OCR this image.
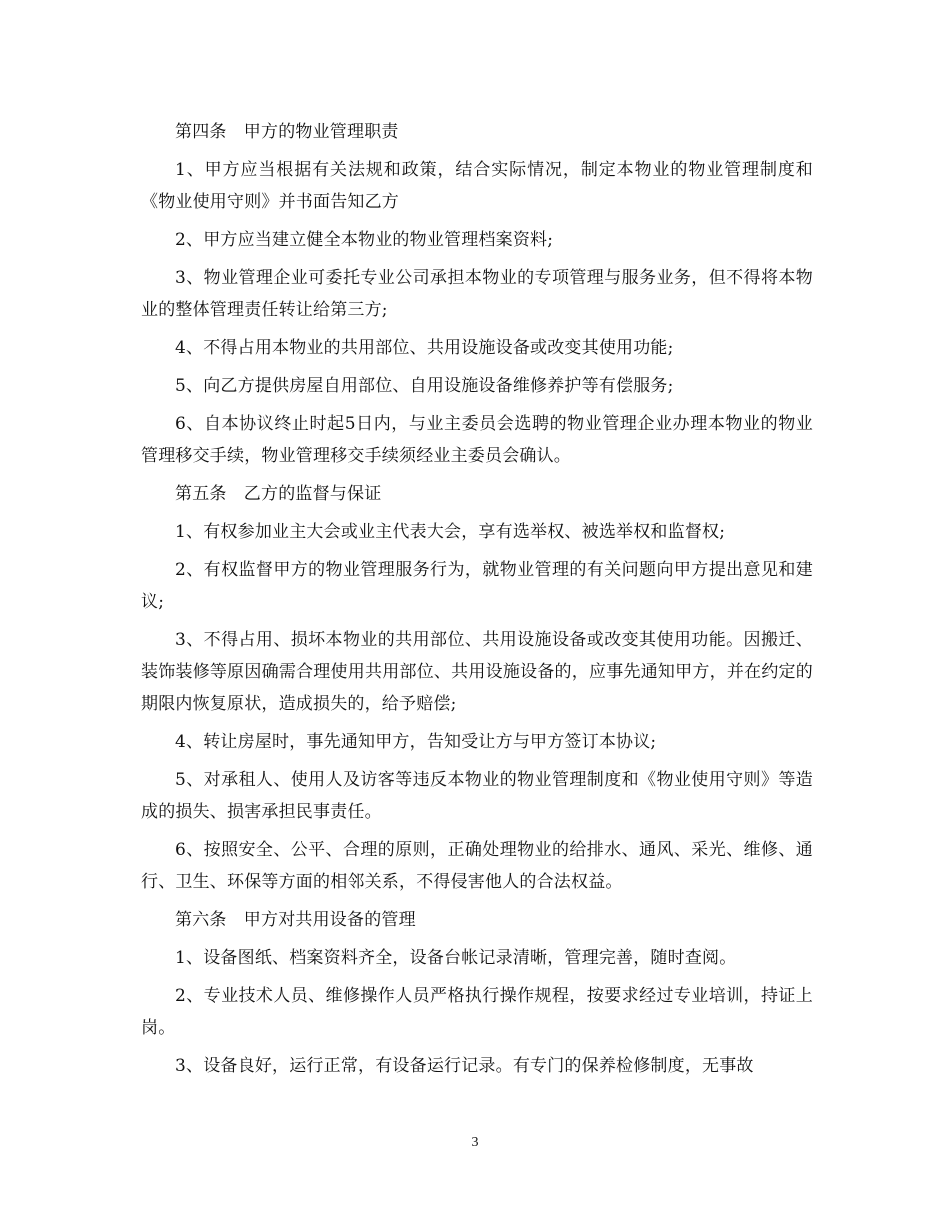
第四条　甲方的物业管理职责

1、甲方应当根据有关法规和政策，结合实际情况，制定本物业的物业管理制度和《物业使用守则》并书面告知乙方

2、甲方应当建立健全本物业的物业管理档案资料;

3、物业管理企业可委托专业公司承担本物业的专项管理与服务业务，但不得将本物业的整体管理责任转让给第三方;

4、不得占用本物业的共用部位、共用设施设备或改变其使用功能;

5、向乙方提供房屋自用部位、自用设施设备维修养护等有偿服务;

6、自本协议终止时起5日内，与业主委员会选聘的物业管理企业办理本物业的物业管理移交手续，物业管理移交手续须经业主委员会确认。

第五条　乙方的监督与保证

1、有权参加业主大会或业主代表大会，享有选举权、被选举权和监督权;

2、有权监督甲方的物业管理服务行为，就物业管理的有关问题向甲方提出意见和建议;

3、不得占用、损坏本物业的共用部位、共用设施设备或改变其使用功能。因搬迁、装饰装修等原因确需合理使用共用部位、共用设施设备的，应事先通知甲方，并在约定的期限内恢复原状，造成损失的，给予赔偿;

4、转让房屋时，事先通知甲方，告知受让方与甲方签订本协议;

5、对承租人、使用人及访客等违反本物业的物业管理制度和《物业使用守则》等造成的损失、损害承担民事责任。

6、按照安全、公平、合理的原则，正确处理物业的给排水、通风、采光、维修、通行、卫生、环保等方面的相邻关系，不得侵害他人的合法权益。

第六条　甲方对共用设备的管理

1、设备图纸、档案资料齐全，设备台帐记录清晰，管理完善，随时查阅。

2、专业技术人员、维修操作人员严格执行操作规程，按要求经过专业培训，持证上岗。

3、设备良好，运行正常，有设备运行记录。有专门的保养检修制度，无事故

3
